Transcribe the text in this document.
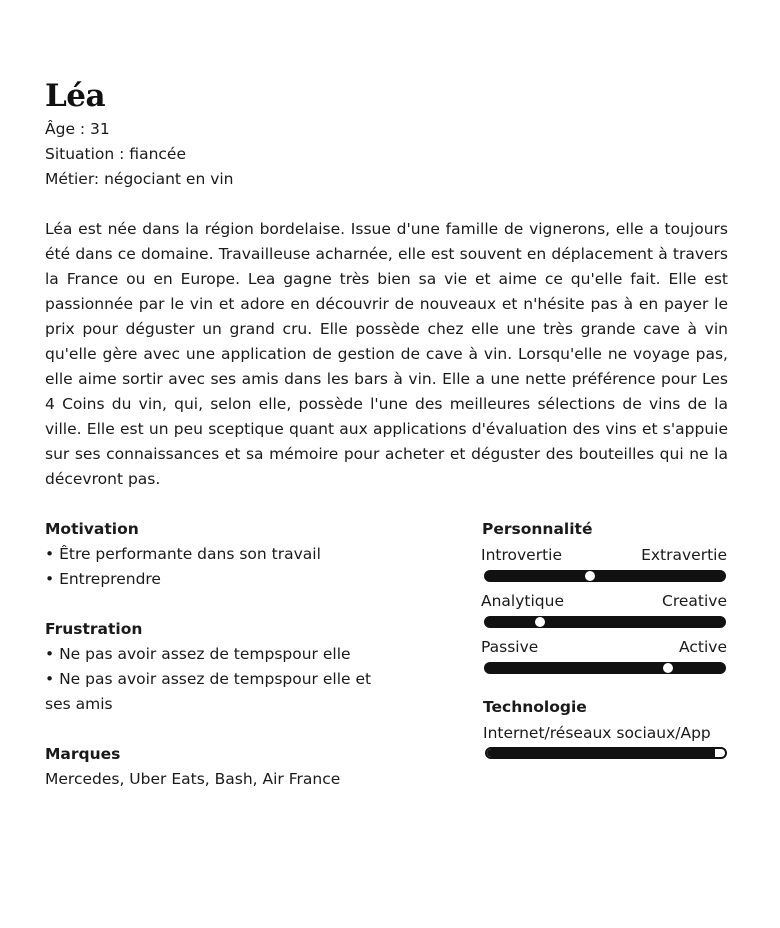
Léa
Âge : 31
Situation : fiancée
Métier: négociant en vin

Léa est née dans la région bordelaise. Issue d'une famille de vignerons, elle a toujours été dans ce domaine. Travailleuse acharnée, elle est souvent en déplacement à travers la France ou en Europe. Lea gagne très bien sa vie et aime ce qu'elle fait. Elle est passionnée par le vin et adore en découvrir de nouveaux et n'hésite pas à en payer le prix pour déguster un grand cru. Elle possède chez elle une très grande cave à vin qu'elle gère avec une application de gestion de cave à vin. Lorsqu'elle ne voyage pas, elle aime sortir avec ses amis dans les bars à vin. Elle a une nette préférence pour Les 4 Coins du vin, qui, selon elle, possède l'une des meilleures sélections de vins de la ville. Elle est un peu sceptique quant aux applications d'évaluation des vins et s'appuie sur ses connaissances et sa mémoire pour acheter et déguster des bouteilles qui ne la décevront pas.

Motivation
• Être performante dans son travail
• Entreprendre
Frustration
• Ne pas avoir assez de tempspour elle
• Ne pas avoir assez de tempspour elle et ses amis
Marques
Mercedes, Uber Eats, Bash, Air France
Personnalité
Introvertie	Extravertie
Analytique	Creative
Passive	Active
Technologie
Internet/réseaux sociaux/App
